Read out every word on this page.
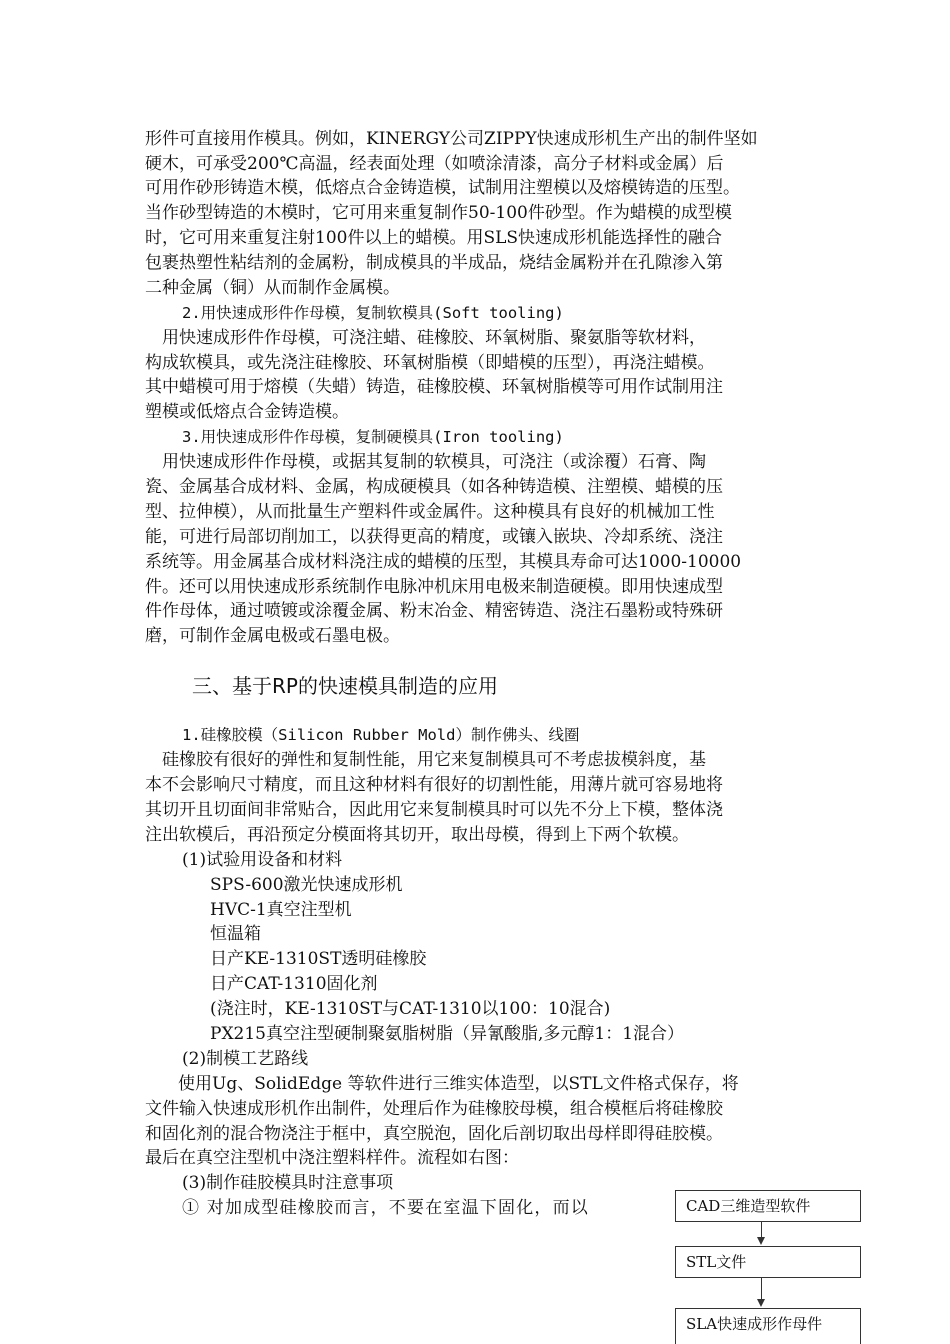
形件可直接用作模具。例如，KINERGY公司ZIPPY快速成形机生产出的制件坚如
硬木，可承受200℃高温，经表面处理（如喷涂清漆，高分子材料或金属）后
可用作砂形铸造木模，低熔点合金铸造模，试制用注塑模以及熔模铸造的压型。
当作砂型铸造的木模时，它可用来重复制作50-100件砂型。作为蜡模的成型模
时，它可用来重复注射100件以上的蜡模。用SLS快速成形机能选择性的融合
包裹热塑性粘结剂的金属粉，制成模具的半成品，烧结金属粉并在孔隙渗入第
二种金属（铜）从而制作金属模。
2.用快速成形件作母模，复制软模具(Soft tooling)
　用快速成形件作母模，可浇注蜡、硅橡胶、环氧树脂、聚氨脂等软材料，
构成软模具，或先浇注硅橡胶、环氧树脂模（即蜡模的压型），再浇注蜡模。
其中蜡模可用于熔模（失蜡）铸造，硅橡胶模、环氧树脂模等可用作试制用注
塑模或低熔点合金铸造模。
3.用快速成形件作母模，复制硬模具(Iron tooling)
　用快速成形件作母模，或据其复制的软模具，可浇注（或涂覆）石膏、陶
瓷、金属基合成材料、金属，构成硬模具（如各种铸造模、注塑模、蜡模的压
型、拉伸模），从而批量生产塑料件或金属件。这种模具有良好的机械加工性
能，可进行局部切削加工，以获得更高的精度，或镶入嵌块、冷却系统、浇注
系统等。用金属基合成材料浇注成的蜡模的压型，其模具寿命可达1000-10000
件。还可以用快速成形系统制作电脉冲机床用电极来制造硬模。即用快速成型
件作母体，通过喷镀或涂覆金属、粉末冶金、精密铸造、浇注石墨粉或特殊研
磨，可制作金属电极或石墨电极。
三、基于RP的快速模具制造的应用
1.硅橡胶模（Silicon Rubber Mold）制作佛头、线圈
　硅橡胶有很好的弹性和复制性能，用它来复制模具可不考虑拔模斜度，基
本不会影响尺寸精度，而且这种材料有很好的切割性能，用薄片就可容易地将
其切开且切面间非常贴合，因此用它来复制模具时可以先不分上下模，整体浇
注出软模后，再沿预定分模面将其切开，取出母模，得到上下两个软模。
(1)试验用设备和材料
SPS-600激光快速成形机
HVC-1真空注型机
恒温箱
日产KE-1310ST透明硅橡胶
日产CAT-1310固化剂
(浇注时，KE-1310ST与CAT-1310以100：10混合)
PX215真空注型硬制聚氨脂树脂（异氰酸脂,多元醇1：1混合）
(2)制模工艺路线
使用Ug、SolidEdge 等软件进行三维实体造型，以STL文件格式保存，将
文件输入快速成形机作出制件，处理后作为硅橡胶母模，组合模框后将硅橡胶
和固化剂的混合物浇注于框中，真空脱泡，固化后剖切取出母样即得硅胶模。
最后在真空注型机中浇注塑料样件。流程如右图：
(3)制作硅胶模具时注意事项
① 对加成型硅橡胶而言，不要在室温下固化，而以	CAD三维造型软件
STL文件
SLA快速成形作母件
